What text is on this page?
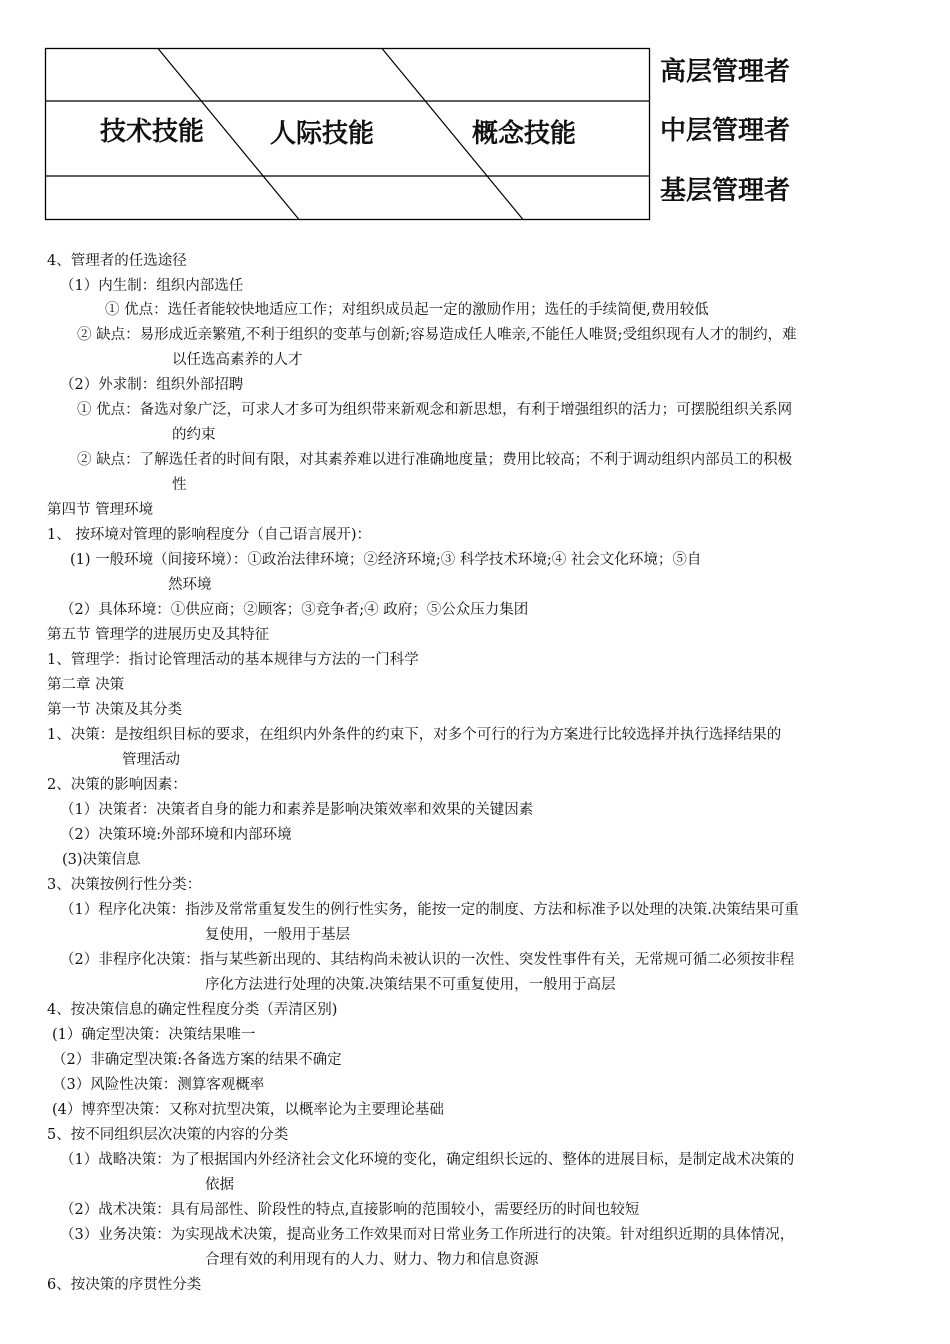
技术技能	人际技能	概念技能
高层管理者
中层管理者
基层管理者
4、管理者的任选途径
（1）内生制：组织内部选任
① 优点：选任者能较快地适应工作；对组织成员起一定的激励作用；选任的手续简便,费用较低
② 缺点：易形成近亲繁殖,不利于组织的变革与创新;容易造成任人唯亲,不能任人唯贤;受组织现有人才的制约，难
以任选高素养的人才
（2）外求制：组织外部招聘
① 优点：备选对象广泛，可求人才多可为组织带来新观念和新思想，有利于增强组织的活力；可摆脱组织关系网
的约束
② 缺点：了解选任者的时间有限，对其素养难以进行准确地度量；费用比较高；不利于调动组织内部员工的积极
性
第四节 管理环境
1、 按环境对管理的影响程度分（自己语言展开)：
(1) 一般环境（间接环境）：①政治法律环境；②经济环境;③ 科学技术环境;④ 社会文化环境；⑤自
然环境
（2）具体环境：①供应商；②顾客；③竞争者;④ 政府；⑤公众压力集团
第五节 管理学的进展历史及其特征
1、管理学：指讨论管理活动的基本规律与方法的一门科学
第二章 决策
第一节 决策及其分类
1、决策：是按组织目标的要求，在组织内外条件的约束下，对多个可行的行为方案进行比较选择并执行选择结果的
管理活动
2、决策的影响因素：
（1）决策者：决策者自身的能力和素养是影响决策效率和效果的关键因素
（2）决策环境:外部环境和内部环境
(3)决策信息
3、决策按例行性分类：
（1）程序化决策：指涉及常常重复发生的例行性实务，能按一定的制度、方法和标准予以处理的决策.决策结果可重
复使用，一般用于基层
（2）非程序化决策：指与某些新出现的、其结构尚未被认识的一次性、突发性事件有关，无常规可循二必须按非程
序化方法进行处理的决策.决策结果不可重复使用，一般用于高层
4、按决策信息的确定性程度分类（弄清区别)
(1）确定型决策：决策结果唯一
（2）非确定型决策:各备选方案的结果不确定
（3）风险性决策：测算客观概率
(4）博弈型决策：又称对抗型决策，以概率论为主要理论基础
5、按不同组织层次决策的内容的分类
（1）战略决策：为了根据国内外经济社会文化环境的变化，确定组织长远的、整体的进展目标，是制定战术决策的
依据
（2）战术决策：具有局部性、阶段性的特点,直接影响的范围较小，需要经历的时间也较短
（3）业务决策：为实现战术决策，提高业务工作效果而对日常业务工作所进行的决策。针对组织近期的具体情况，
合理有效的利用现有的人力、财力、物力和信息资源
6、按决策的序贯性分类
